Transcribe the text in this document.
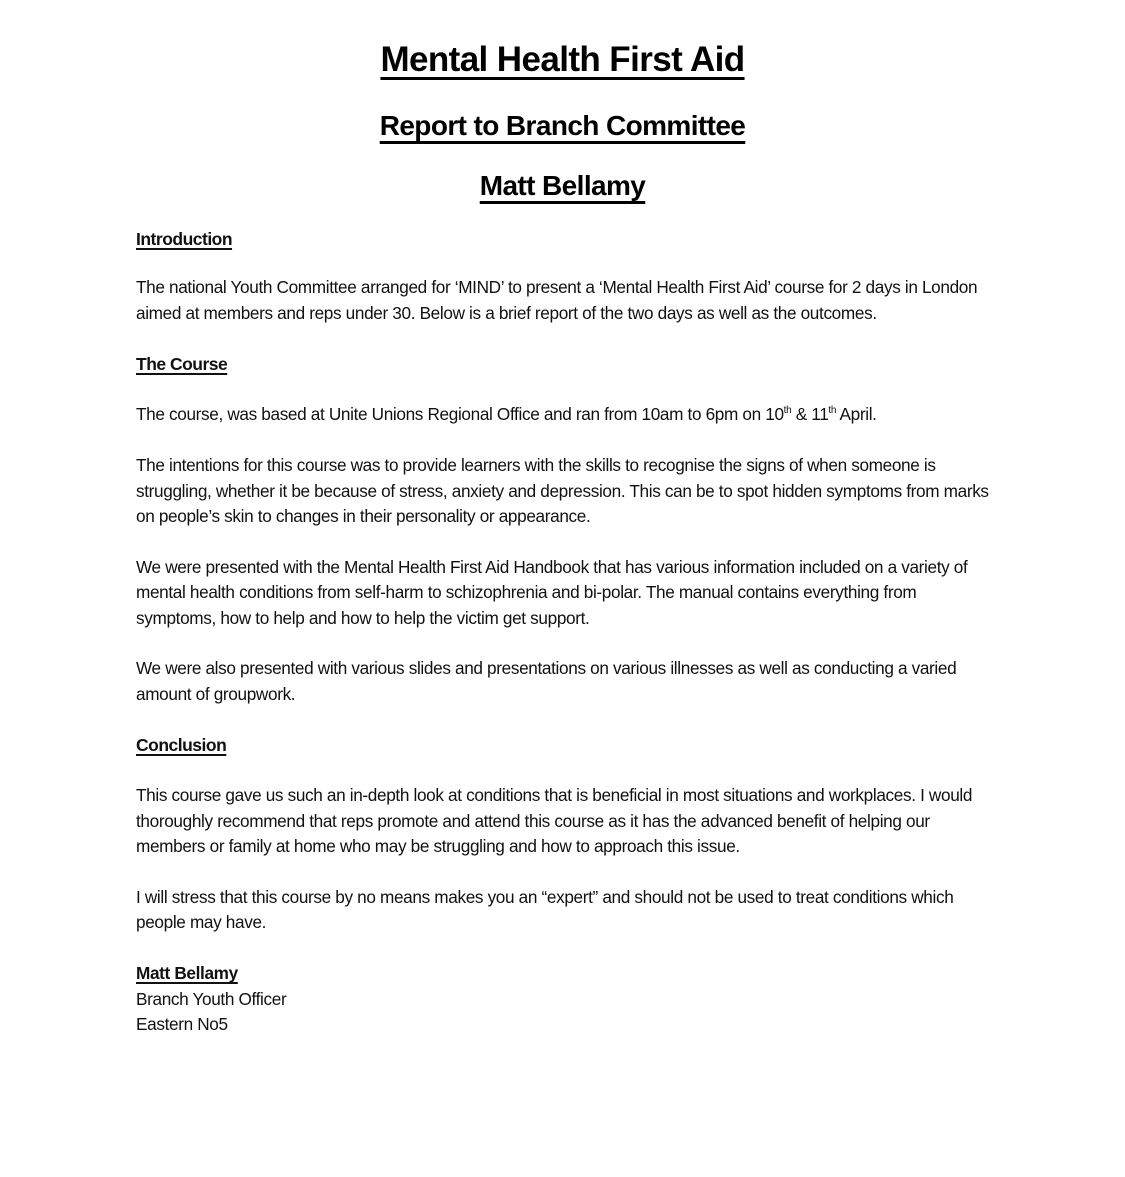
Mental Health First Aid
Report to Branch Committee
Matt Bellamy

Introduction

The national Youth Committee arranged for ‘MIND’ to present a ‘Mental Health First Aid’ course for 2 days in London aimed at members and reps under 30. Below is a brief report of the two days as well as the outcomes.

The Course

The course, was based at Unite Unions Regional Office and ran from 10am to 6pm on 10th & 11th April.

The intentions for this course was to provide learners with the skills to recognise the signs of when someone is struggling, whether it be because of stress, anxiety and depression. This can be to spot hidden symptoms from marks on people’s skin to changes in their personality or appearance.

We were presented with the Mental Health First Aid Handbook that has various information included on a variety of mental health conditions from self-harm to schizophrenia and bi-polar. The manual contains everything from symptoms, how to help and how to help the victim get support.

We were also presented with various slides and presentations on various illnesses as well as conducting a varied amount of groupwork.

Conclusion

This course gave us such an in-depth look at conditions that is beneficial in most situations and workplaces. I would thoroughly recommend that reps promote and attend this course as it has the advanced benefit of helping our members or family at home who may be struggling and how to approach this issue.

I will stress that this course by no means makes you an “expert” and should not be used to treat conditions which people may have.

Matt Bellamy

Branch Youth Officer

Eastern No5
